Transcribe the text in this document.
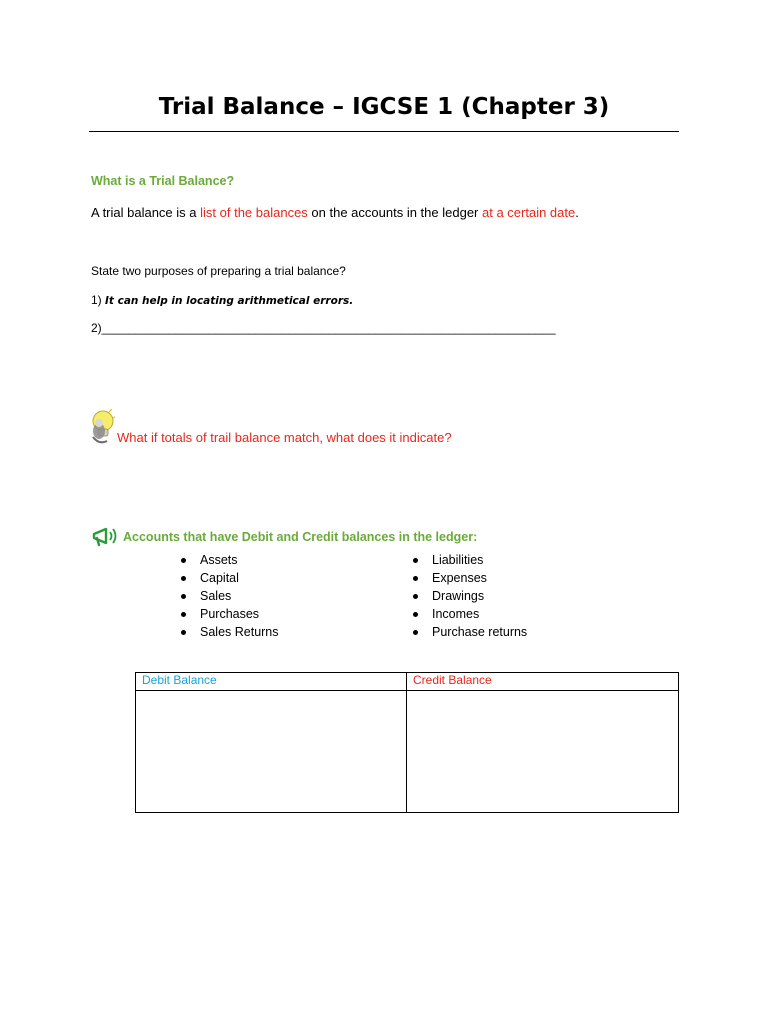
Trial Balance – IGCSE 1 (Chapter 3)
What is a Trial Balance?
A trial balance is a list of the balances on the accounts in the ledger at a certain date.
State two purposes of preparing a trial balance?
1) It can help in locating arithmetical errors.
2)____________________________________________________________________
What if totals of trail balance match, what does it indicate?
Accounts that have Debit and Credit balances in the ledger:
Assets
Capital
Sales
Purchases
Sales Returns
Liabilities
Expenses
Drawings
Incomes
Purchase returns
Debit Balance	Credit Balance
